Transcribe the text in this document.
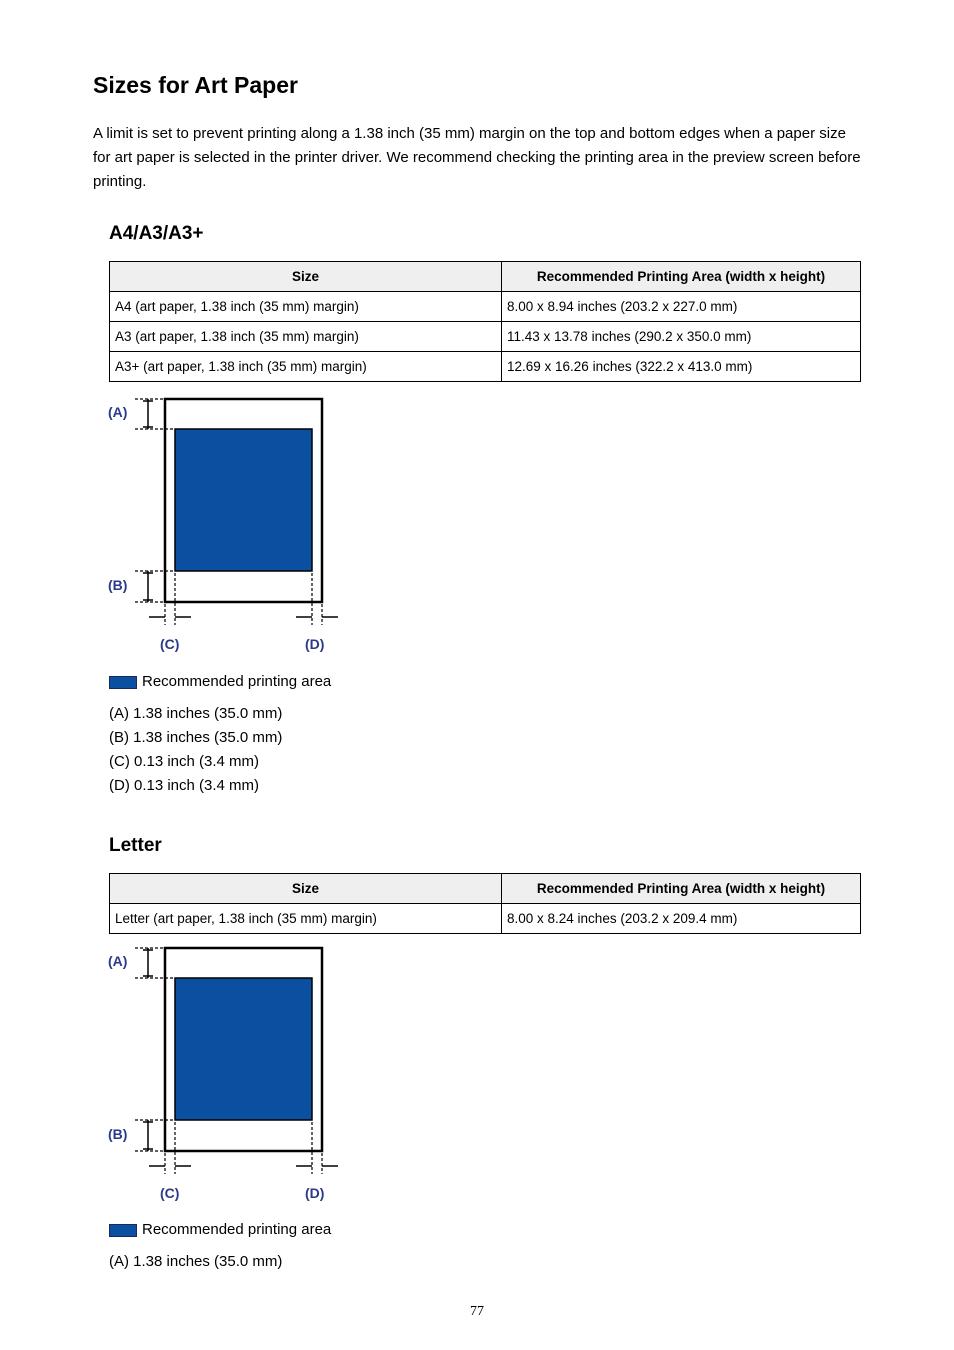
Sizes for Art Paper

A limit is set to prevent printing along a 1.38 inch (35 mm) margin on the top and bottom edges when a paper size for art paper is selected in the printer driver. We recommend checking the printing area in the preview screen before printing.

A4/A3/A3+
Size	Recommended Printing Area (width x height)
A4 (art paper, 1.38 inch (35 mm) margin)	8.00 x 8.94 inches (203.2 x 227.0 mm)
A3 (art paper, 1.38 inch (35 mm) margin)	11.43 x 13.78 inches (290.2 x 350.0 mm)
A3+ (art paper, 1.38 inch (35 mm) margin)	12.69 x 16.26 inches (322.2 x 413.0 mm)
(A)
(B)
(C)	(D)
Recommended printing area
(A) 1.38 inches (35.0 mm)
(B) 1.38 inches (35.0 mm)
(C) 0.13 inch (3.4 mm)
(D) 0.13 inch (3.4 mm)
Letter
Size	Recommended Printing Area (width x height)
Letter (art paper, 1.38 inch (35 mm) margin)	8.00 x 8.24 inches (203.2 x 209.4 mm)
(A)
(B)
(C)	(D)
Recommended printing area
(A) 1.38 inches (35.0 mm)
77
